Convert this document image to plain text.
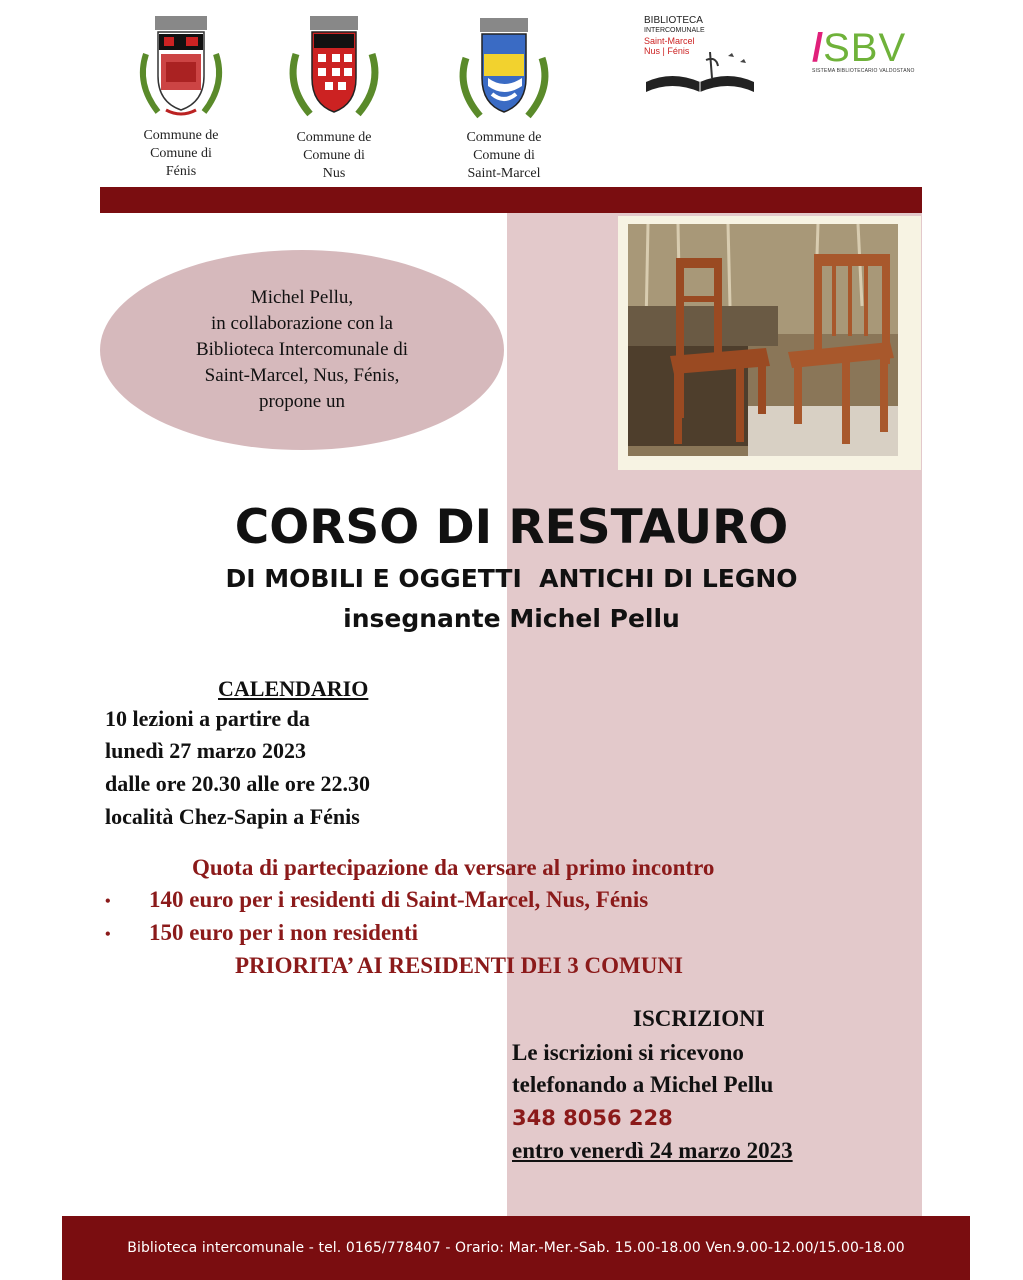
Commune de
Comune di
Fénis
Commune de
Comune di
Nus
Commune de
Comune di
Saint-Marcel
BIBLIOTECA
INTERCOMUNALE
Saint-Marcel
Nus | Fénis	/ SBV
SISTEMA BIBLIOTECARIO VALDOSTANO
Michel Pellu,
in collaborazione con la
Biblioteca Intercomunale di
Saint-Marcel, Nus, Fénis,
propone un
CORSO DI RESTAURO
DI MOBILI E OGGETTI  ANTICHI DI LEGNO
insegnante Michel Pellu
CALENDARIO
10 lezioni a partire da
lunedì 27 marzo 2023
dalle ore 20.30 alle ore 22.30
località Chez-Sapin a Fénis
Quota di partecipazione da versare al primo incontro
•	140 euro per i residenti di Saint-Marcel, Nus, Fénis
•	150 euro per i non residenti
PRIORITA’ AI RESIDENTI DEI 3 COMUNI
ISCRIZIONI
Le iscrizioni si ricevono
telefonando a Michel Pellu
348 8056 228
entro venerdì 24 marzo 2023
Biblioteca intercomunale - tel. 0165/778407 - Orario: Mar.-Mer.-Sab. 15.00-18.00 Ven.9.00-12.00/15.00-18.00
